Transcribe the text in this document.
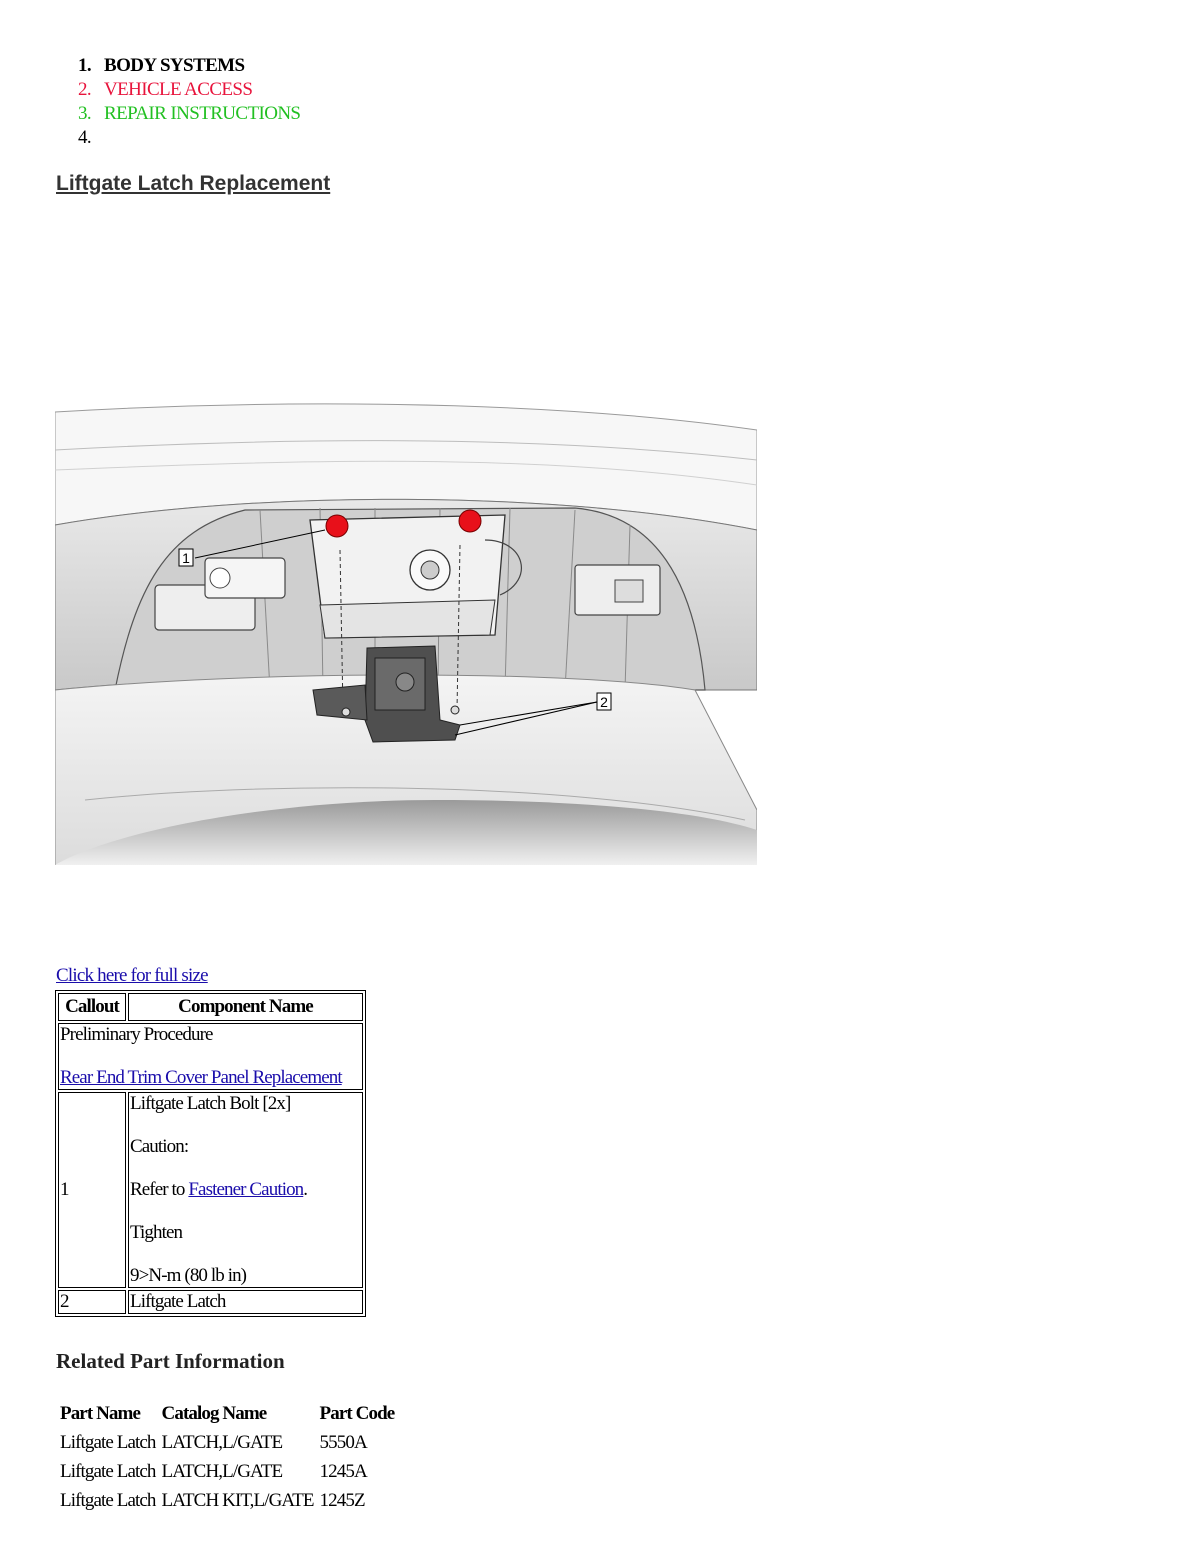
1. BODY SYSTEMS
2. VEHICLE ACCESS
3. REPAIR INSTRUCTIONS
4.
Liftgate Latch Replacement
1
2
Click here for full size
Callout	Component Name

Preliminary Procedure

Rear End Trim Cover Panel Replacement	

1	Liftgate Latch Bolt [2x]

Caution:

Refer to Fastener Caution.

Tighten

9>N-m (80 lb in)

2	Liftgate Latch
Related Part Information
Part Name	Catalog Name	Part Code
Liftgate Latch	LATCH,L/GATE	5550A
Liftgate Latch	LATCH,L/GATE	1245A
Liftgate Latch	LATCH KIT,L/GATE	1245Z
